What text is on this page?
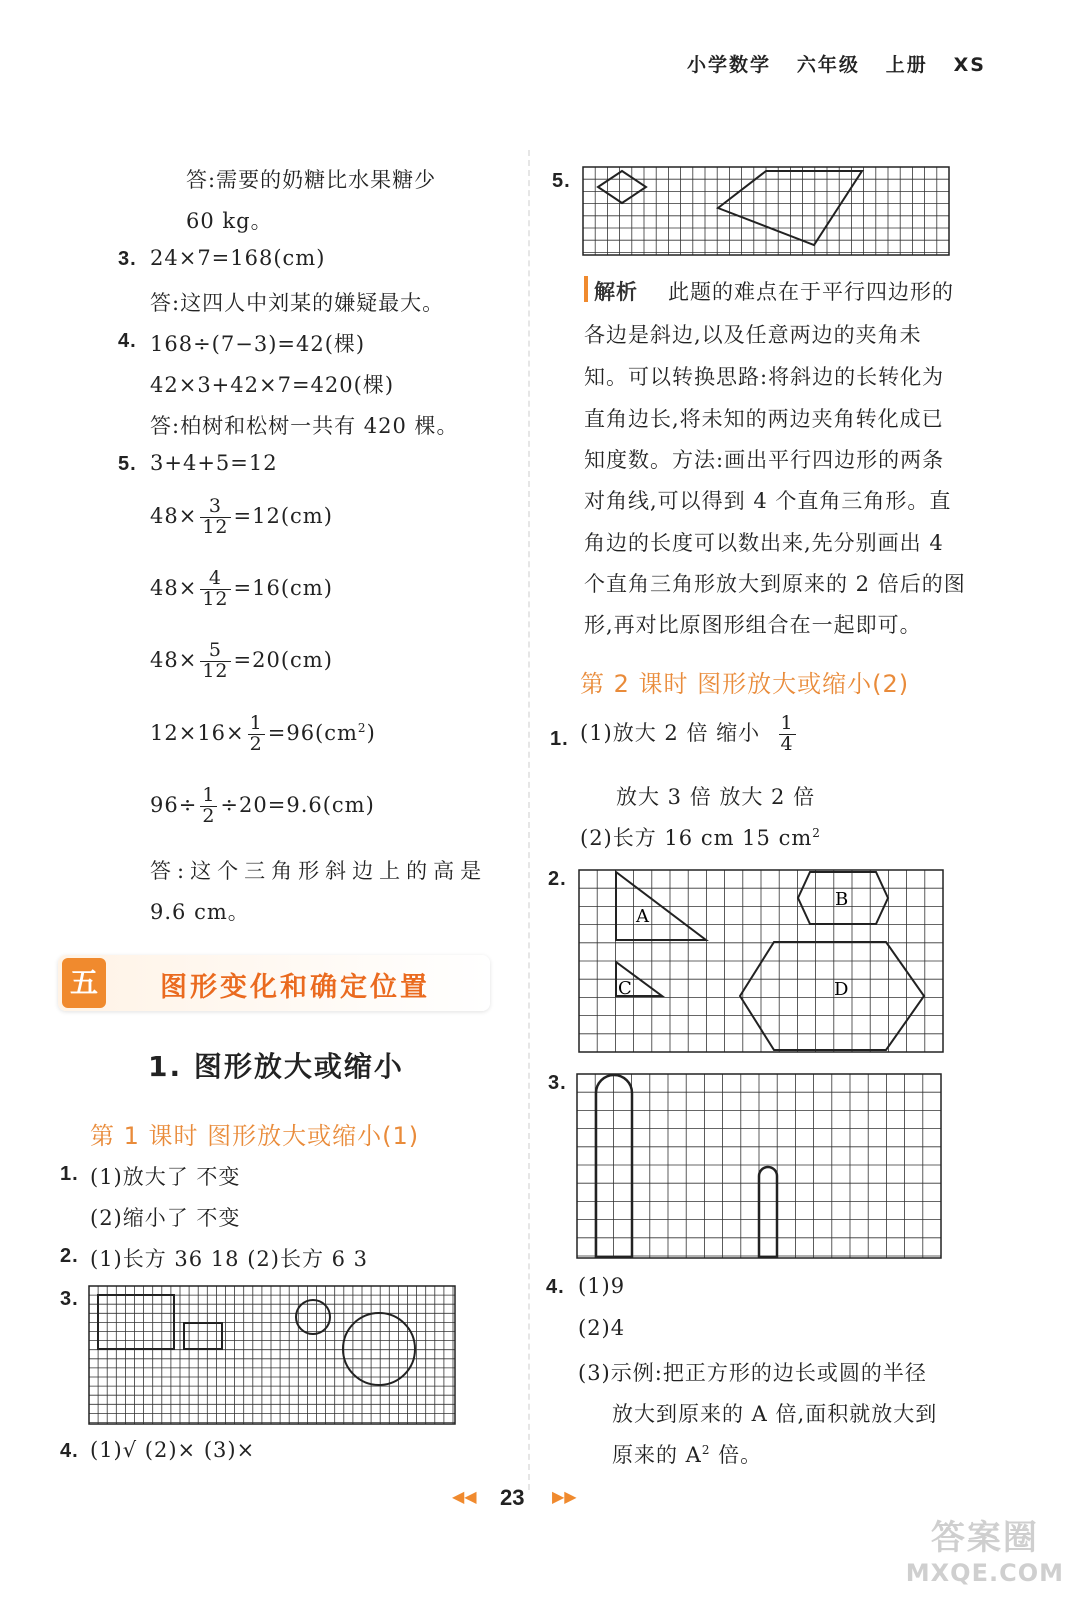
小学数学 六年级 上册 XS
答:需要的奶糖比水果糖少
60 kg。
3. 24×7=168(cm)
答:这四人中刘某的嫌疑最大。
4. 168÷(7−3)=42(棵)
42×3+42×7=420(棵)
答:柏树和松树一共有 420 棵。
5. 3+4+5=12
$48\times \frac{3}{12} =12(cm)$
$48\times \frac{4}{12} =16(cm)$
$48\times \frac{5}{12} =20(cm)$
$12\times 16\times \frac{1}{2} =96(cm^2)$
$96\div \frac{1}{2} \div 20=9.6(cm)$
答:这个三角形斜边上的高是
9.6 cm。
五 图形变化和确定位置
1. 图形放大或缩小
第 1 课时 图形放大或缩小(1)
1. (1)放大了 不变
(2)缩小了 不变
2. (1)长方 36 18 (2)长方 6 3
3.
4. (1)√ (2)× (3)×
5.
解析 此题的难点在于平行四边形的
各边是斜边,以及任意两边的夹角未
知。可以转换思路:将斜边的长转化为
直角边长,将未知的两边夹角转化成已
知度数。方法:画出平行四边形的两条
对角线,可以得到 4 个直角三角形。直
角边的长度可以数出来,先分别画出 4
个直角三角形放大到原来的 2 倍后的图
形,再对比原图形组合在一起即可。
第 2 课时 图形放大或缩小(2)
1. (1)放大 2 倍 缩小 $\frac{1}{4}$
放大 3 倍 放大 2 倍
(2)长方 16 cm 15 $cm^2$
2.
A
B
C	D
3.
4. (1)9
(2)4
(3)示例:把正方形的边长或圆的半径
放大到原来的 A 倍,面积就放大到
原来的 $A^2$ 倍。
◀◀ 23 ▶▶
答案圈
MXQE.COM
